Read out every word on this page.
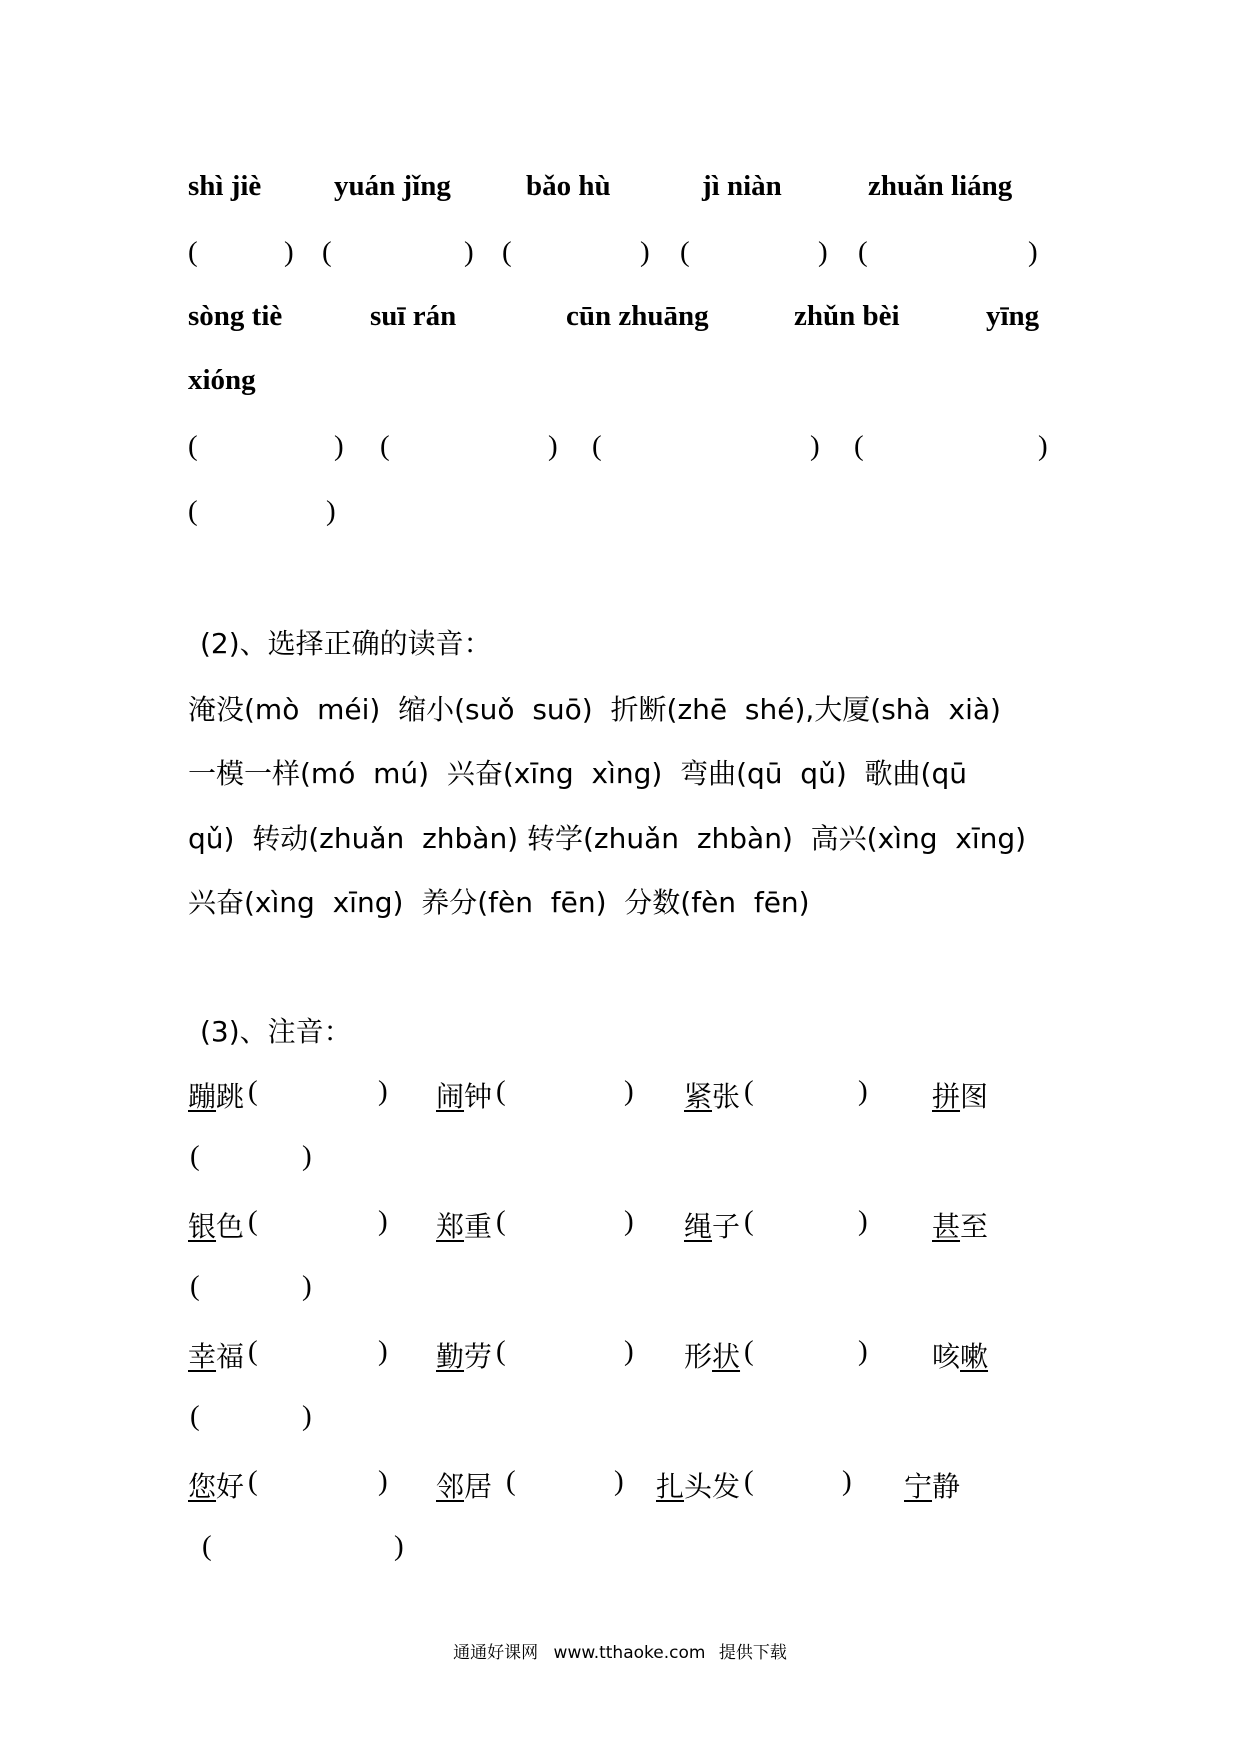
shì jiè	yuán jǐng	bǎo hù	jì niàn	zhuǎn liáng
(	) (	) (	) (	) (	)
sòng tiè	suī rán	cūn zhuāng	zhǔn bèi	yīng
xióng
(	) (	) (	) (	)
(	)
(2)、选择正确的读音：
淹没(mò  méi)  缩小(suǒ  suō)  折断(zhē  shé),大厦(shà  xià)
一模一样(mó  mú)  兴奋(xīng  xìng)  弯曲(qū  qǔ)  歌曲(qū
qǔ)  转动(zhuǎn  zhbàn) 转学(zhuǎn  zhbàn)  高兴(xìng  xīng)
兴奋(xìng  xīng)  养分(fèn  fēn)  分数(fèn  fēn)
(3)、注音：
蹦跳 (	) 闹钟 (	) 紧张 (	) 拼图
(	)
银色 (	) 郑重 (	) 绳子 (	) 甚至
(	)
幸福 (	) 勤劳 (	) 形状 (	) 咳嗽
(	)
您好 (	) 邻居 (	) 扎头发 (	) 宁静
(	)
通通好课网 www.tthaoke.com 提供下载
